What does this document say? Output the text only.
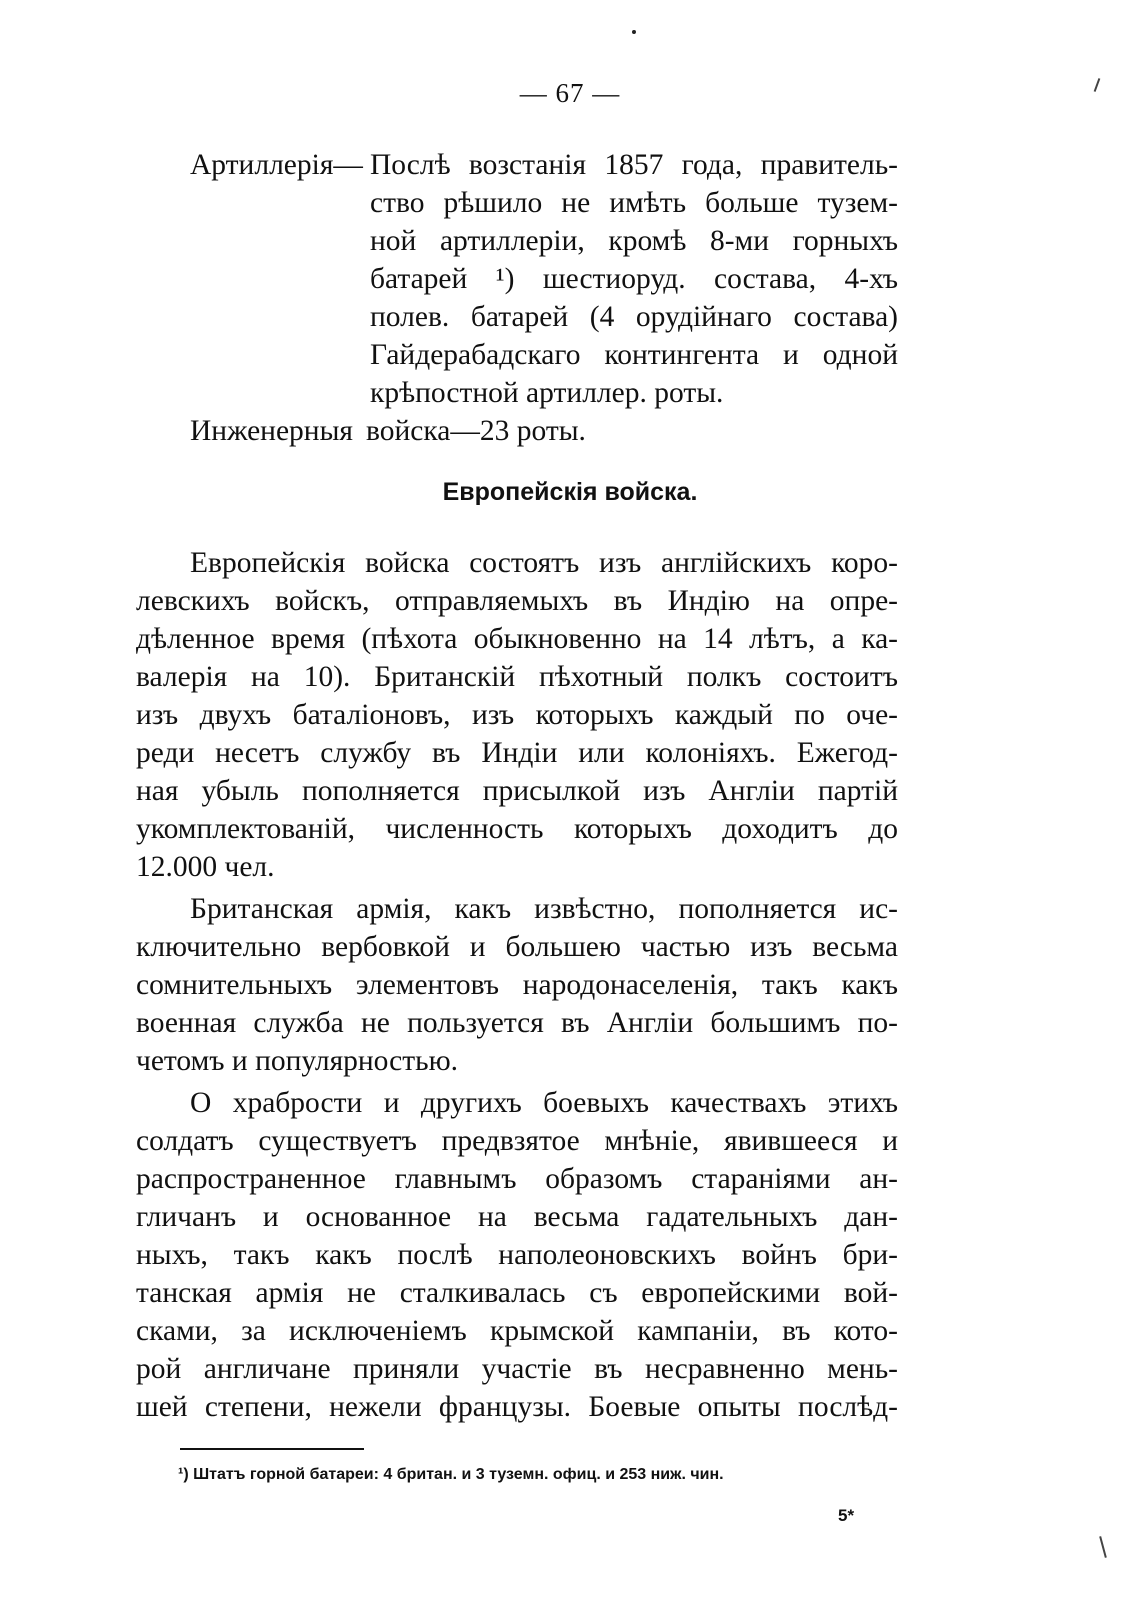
— 67 —
Артиллерія— Послѣ возстанія 1857 года, правитель-
ство рѣшило не имѣть больше тузем-
ной артиллеріи, кромѣ 8-ми горныхъ
батарей ¹) шестиоруд. состава, 4-хъ
полев. батарей (4 орудійнаго состава)
Гайдерабадскаго контингента и одной
крѣпостной артиллер. роты.
Инженерныя войска—23 роты.
Европейскія войска.
Европейскія войска состоятъ изъ англійскихъ коро-
левскихъ войскъ, отправляемыхъ въ Индію на опре-
дѣленное время (пѣхота обыкновенно на 14 лѣтъ, а ка-
валерія на 10). Британскій пѣхотный полкъ состоитъ
изъ двухъ баталіоновъ, изъ которыхъ каждый по оче-
реди несетъ службу въ Индіи или колоніяхъ. Ежегод-
ная убыль пополняется присылкой изъ Англіи партій
укомплектованій, численность которыхъ доходитъ до
12.000 чел.
Британская армія, какъ извѣстно, пополняется ис-
ключительно вербовкой и большею частью изъ весьма
сомнительныхъ элементовъ народонаселенія, такъ какъ
военная служба не пользуется въ Англіи большимъ по-
четомъ и популярностью.
О храбрости и другихъ боевыхъ качествахъ этихъ
солдатъ существуетъ предвзятое мнѣніе, явившееся и
распространенное главнымъ образомъ стараніями ан-
гличанъ и основанное на весьма гадательныхъ дан-
ныхъ, такъ какъ послѣ наполеоновскихъ войнъ бри-
танская армія не сталкивалась съ европейскими вой-
сками, за исключеніемъ крымской кампаніи, въ кото-
рой англичане приняли участіе въ несравненно мень-
шей степени, нежели французы. Боевые опыты послѣд-
¹) Штатъ горной батареи: 4 британ. и 3 туземн. офиц. и 253 ниж. чин.
5*
